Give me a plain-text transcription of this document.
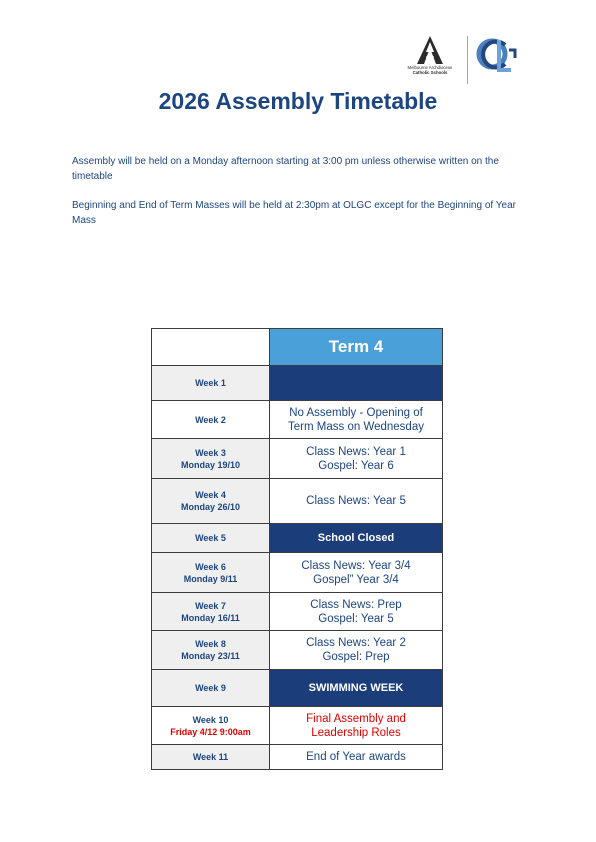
Melbourne Archdiocese
Catholic Schools

2026 Assembly Timetable

Assembly will be held on a Monday afternoon starting at 3:00 pm unless otherwise written on the timetable

Beginning and End of Term Masses will be held at 2:30pm at OLGC except for the Beginning of Year Mass

	Term 4

Week 1	

Week 2	No Assembly - Opening of
Term Mass on Wednesday

Week 3
Monday 19/10	Class News: Year 1
Gospel: Year 6

Week 4
Monday 26/10	Class News: Year 5

Week 5	School Closed

Week 6
Monday 9/11	Class News: Year 3/4
Gospel” Year 3/4

Week 7
Monday 16/11	Class News: Prep
Gospel: Year 5

Week 8
Monday 23/11	Class News: Year 2
Gospel: Prep

Week 9	SWIMMING WEEK

Week 10
Friday 4/12 9:00am	Final Assembly and
Leadership Roles

Week 11	End of Year awards
